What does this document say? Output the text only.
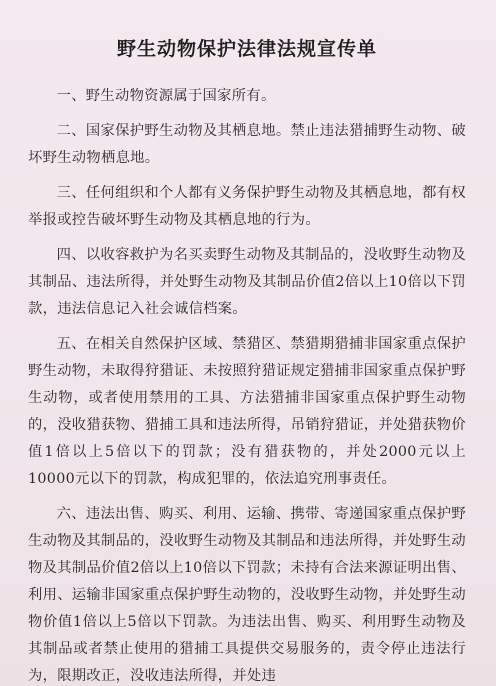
野生动物保护法律法规宣传单

一、野生动物资源属于国家所有。

二、国家保护野生动物及其栖息地。禁止违法猎捕野生动物、破坏野生动物栖息地。

三、任何组织和个人都有义务保护野生动物及其栖息地，都有权举报或控告破坏野生动物及其栖息地的行为。

四、以收容救护为名买卖野生动物及其制品的，没收野生动物及其制品、违法所得，并处野生动物及其制品价值2倍以上10倍以下罚款，违法信息记入社会诚信档案。

五、在相关自然保护区域、禁猎区、禁猎期猎捕非国家重点保护野生动物，未取得狩猎证、未按照狩猎证规定猎捕非国家重点保护野生动物，或者使用禁用的工具、方法猎捕非国家重点保护野生动物的，没收猎获物、猎捕工具和违法所得，吊销狩猎证，并处猎获物价值1倍以上5倍以下的罚款；没有猎获物的，并处2000元以上10000元以下的罚款，构成犯罪的，依法追究刑事责任。

六、违法出售、购买、利用、运输、携带、寄递国家重点保护野生动物及其制品的，没收野生动物及其制品和违法所得，并处野生动物及其制品价值2倍以上10倍以下罚款；未持有合法来源证明出售、利用、运输非国家重点保护野生动物的，没收野生动物，并处野生动物价值1倍以上5倍以下罚款。为违法出售、购买、利用野生动物及其制品或者禁止使用的猎捕工具提供交易服务的，责令停止违法行为，限期改正，没收违法所得，并处违
